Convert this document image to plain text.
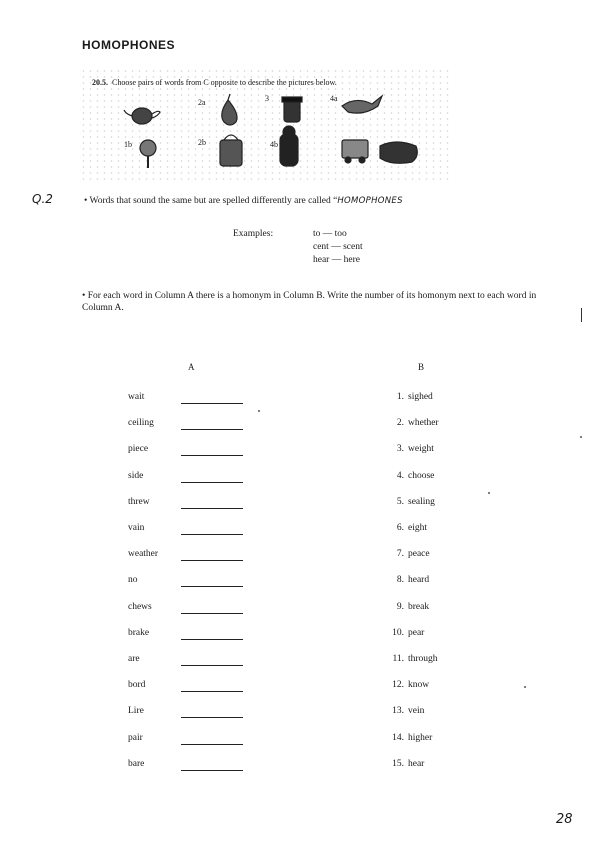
HOMOPHONES
20.5. Choose pairs of words from C opposite to describe the pictures below.
2a	3	4a
1b	2b	4b
Q.2	• Words that sound the same but are spelled differently are called “HOMOPHONES
Examples:	to — too
cent — scent
hear — here
• For each word in Column A there is a homonym in Column B. Write the number of its homonym next to each word in Column A.
A	B
wait	1. sighed
ceiling	2. whether
piece	3. weight
side	4. choose
threw	5. sealing
vain	6. eight
weather	7. peace
no	8. heard
chews	9. break
brake	10. pear
are	11. through
bord	12. know
Lire	13. vein
pair	14. higher
bare	15. hear
28
